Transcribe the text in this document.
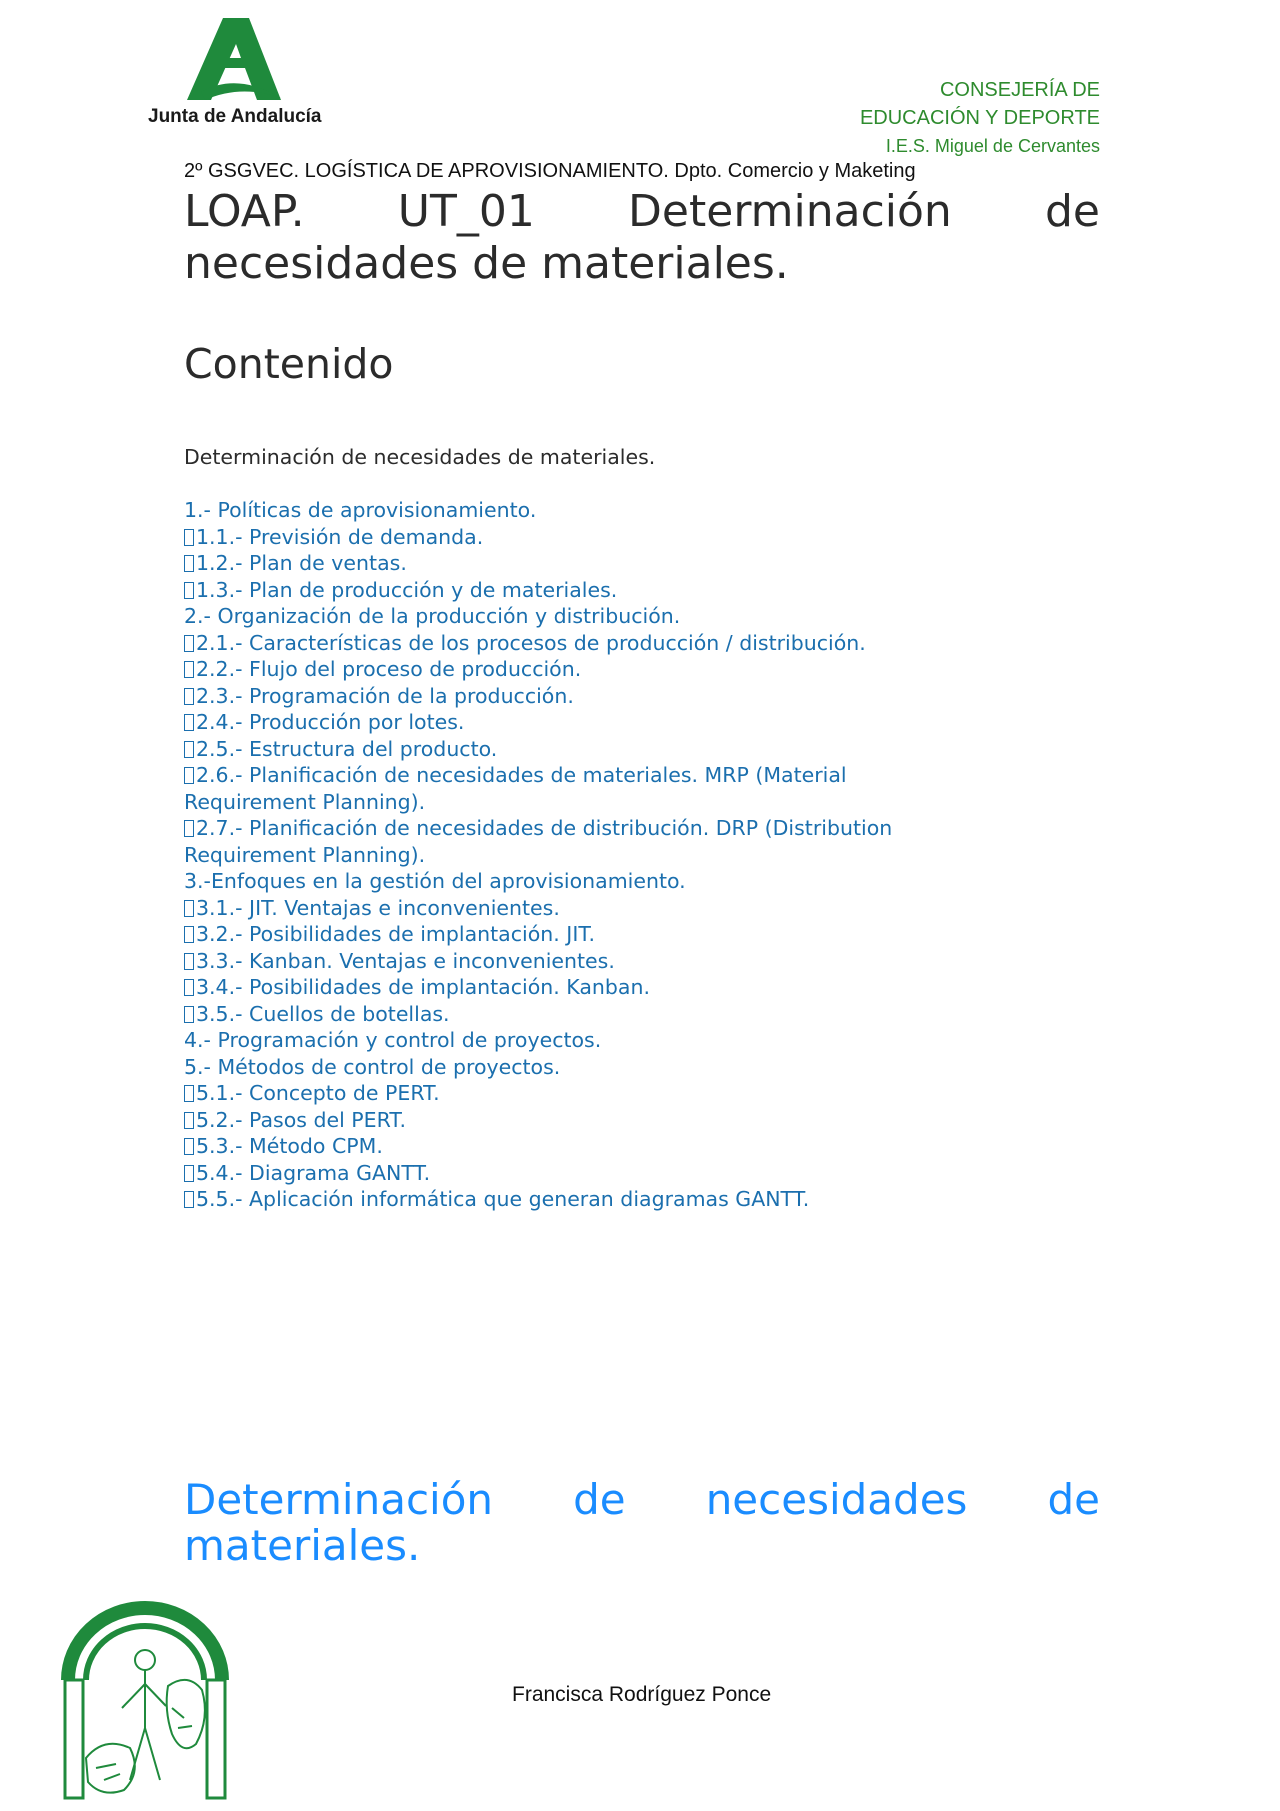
Junta de Andalucía
CONSEJERÍA DE
EDUCACIÓN Y DEPORTE
I.E.S. Miguel de Cervantes
2º GSGVEC. LOGÍSTICA DE APROVISIONAMIENTO. Dpto. Comercio y Maketing
LOAP. UT_01 Determinación de necesidades de materiales.
Contenido
Determinación de necesidades de materiales.
1.- Políticas de aprovisionamiento.
1.1.- Previsión de demanda.
1.2.- Plan de ventas.
1.3.- Plan de producción y de materiales.
2.- Organización de la producción y distribución.
2.1.- Características de los procesos de producción / distribución.
2.2.- Flujo del proceso de producción.
2.3.- Programación de la producción.
2.4.- Producción por lotes.
2.5.- Estructura del producto.
2.6.- Planificación de necesidades de materiales. MRP (Material
Requirement Planning).
2.7.- Planificación de necesidades de distribución. DRP (Distribution
Requirement Planning).
3.-Enfoques en la gestión del aprovisionamiento.
3.1.- JIT. Ventajas e inconvenientes.
3.2.- Posibilidades de implantación. JIT.
3.3.- Kanban. Ventajas e inconvenientes.
3.4.- Posibilidades de implantación. Kanban.
3.5.- Cuellos de botellas.
4.- Programación y control de proyectos.
5.- Métodos de control de proyectos.
5.1.- Concepto de PERT.
5.2.- Pasos del PERT.
5.3.- Método CPM.
5.4.- Diagrama GANTT.
5.5.- Aplicación informática que generan diagramas GANTT.
Determinación de necesidades de materiales.
Francisca Rodríguez Ponce
